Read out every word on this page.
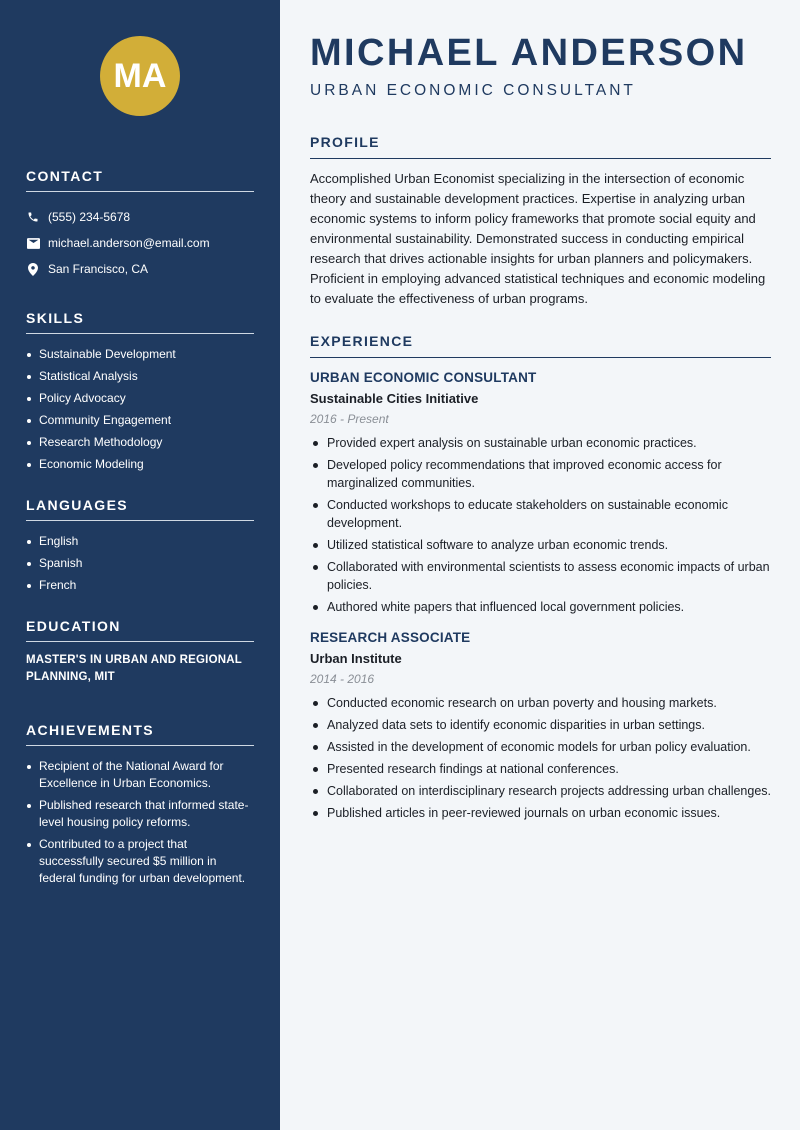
MA
CONTACT
(555) 234-5678
michael.anderson@email.com
San Francisco, CA
SKILLS
Sustainable Development
Statistical Analysis
Policy Advocacy
Community Engagement
Research Methodology
Economic Modeling
LANGUAGES
English
Spanish
French
EDUCATION
MASTER'S IN URBAN AND REGIONAL PLANNING, MIT
ACHIEVEMENTS
Recipient of the National Award for Excellence in Urban Economics.
Published research that informed state-level housing policy reforms.
Contributed to a project that successfully secured $5 million in federal funding for urban development.
MICHAEL ANDERSON
URBAN ECONOMIC CONSULTANT
PROFILE

Accomplished Urban Economist specializing in the intersection of economic theory and sustainable development practices. Expertise in analyzing urban economic systems to inform policy frameworks that promote social equity and environmental sustainability. Demonstrated success in conducting empirical research that drives actionable insights for urban planners and policymakers. Proficient in employing advanced statistical techniques and economic modeling to evaluate the effectiveness of urban programs.

EXPERIENCE
URBAN ECONOMIC CONSULTANT
Sustainable Cities Initiative
2016 - Present
Provided expert analysis on sustainable urban economic practices.
Developed policy recommendations that improved economic access for marginalized communities.
Conducted workshops to educate stakeholders on sustainable economic development.
Utilized statistical software to analyze urban economic trends.
Collaborated with environmental scientists to assess economic impacts of urban policies.
Authored white papers that influenced local government policies.
RESEARCH ASSOCIATE
Urban Institute
2014 - 2016
Conducted economic research on urban poverty and housing markets.
Analyzed data sets to identify economic disparities in urban settings.
Assisted in the development of economic models for urban policy evaluation.
Presented research findings at national conferences.
Collaborated on interdisciplinary research projects addressing urban challenges.
Published articles in peer-reviewed journals on urban economic issues.
